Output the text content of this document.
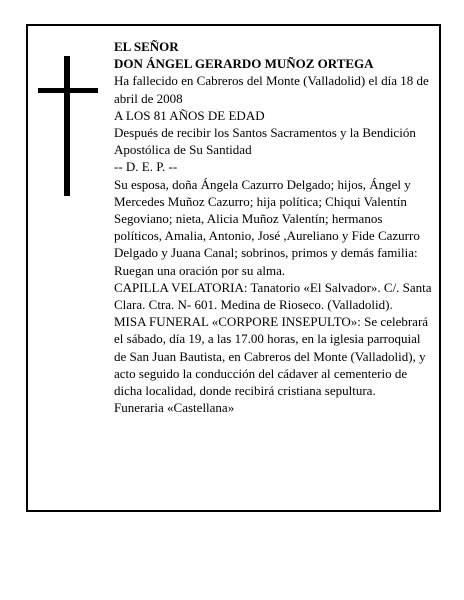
EL SEÑOR

DON ÁNGEL GERARDO MUÑOZ ORTEGA

Ha fallecido en Cabreros del Monte (Valladolid) el día 18 de abril de 2008

A LOS 81 AÑOS DE EDAD

Después de recibir los Santos Sacramentos y la Bendición Apostólica de Su Santidad

-- D. E. P. --

Su esposa, doña Ángela Cazurro Delgado; hijos, Ángel y Mercedes Muñoz Cazurro; hija política; Chiqui Valentín Segoviano; nieta, Alicia Muñoz Valentín; hermanos políticos, Amalia, Antonio, José ,Aureliano y Fide Cazurro Delgado y Juana Canal; sobrinos, primos y demás familia:

Ruegan una oración por su alma.

CAPILLA VELATORIA: Tanatorio «El Salvador». C/. Santa Clara. Ctra. N- 601. Medina de Rioseco. (Valladolid).

MISA FUNERAL «CORPORE INSEPULTO»: Se celebrará el sábado, día 19, a las 17.00 horas, en la iglesia parroquial de San Juan Bautista, en Cabreros del Monte (Valladolid), y acto seguido la conducción del cádaver al cementerio de dicha localidad, donde recibirá cristiana sepultura.

Funeraria «Castellana»
